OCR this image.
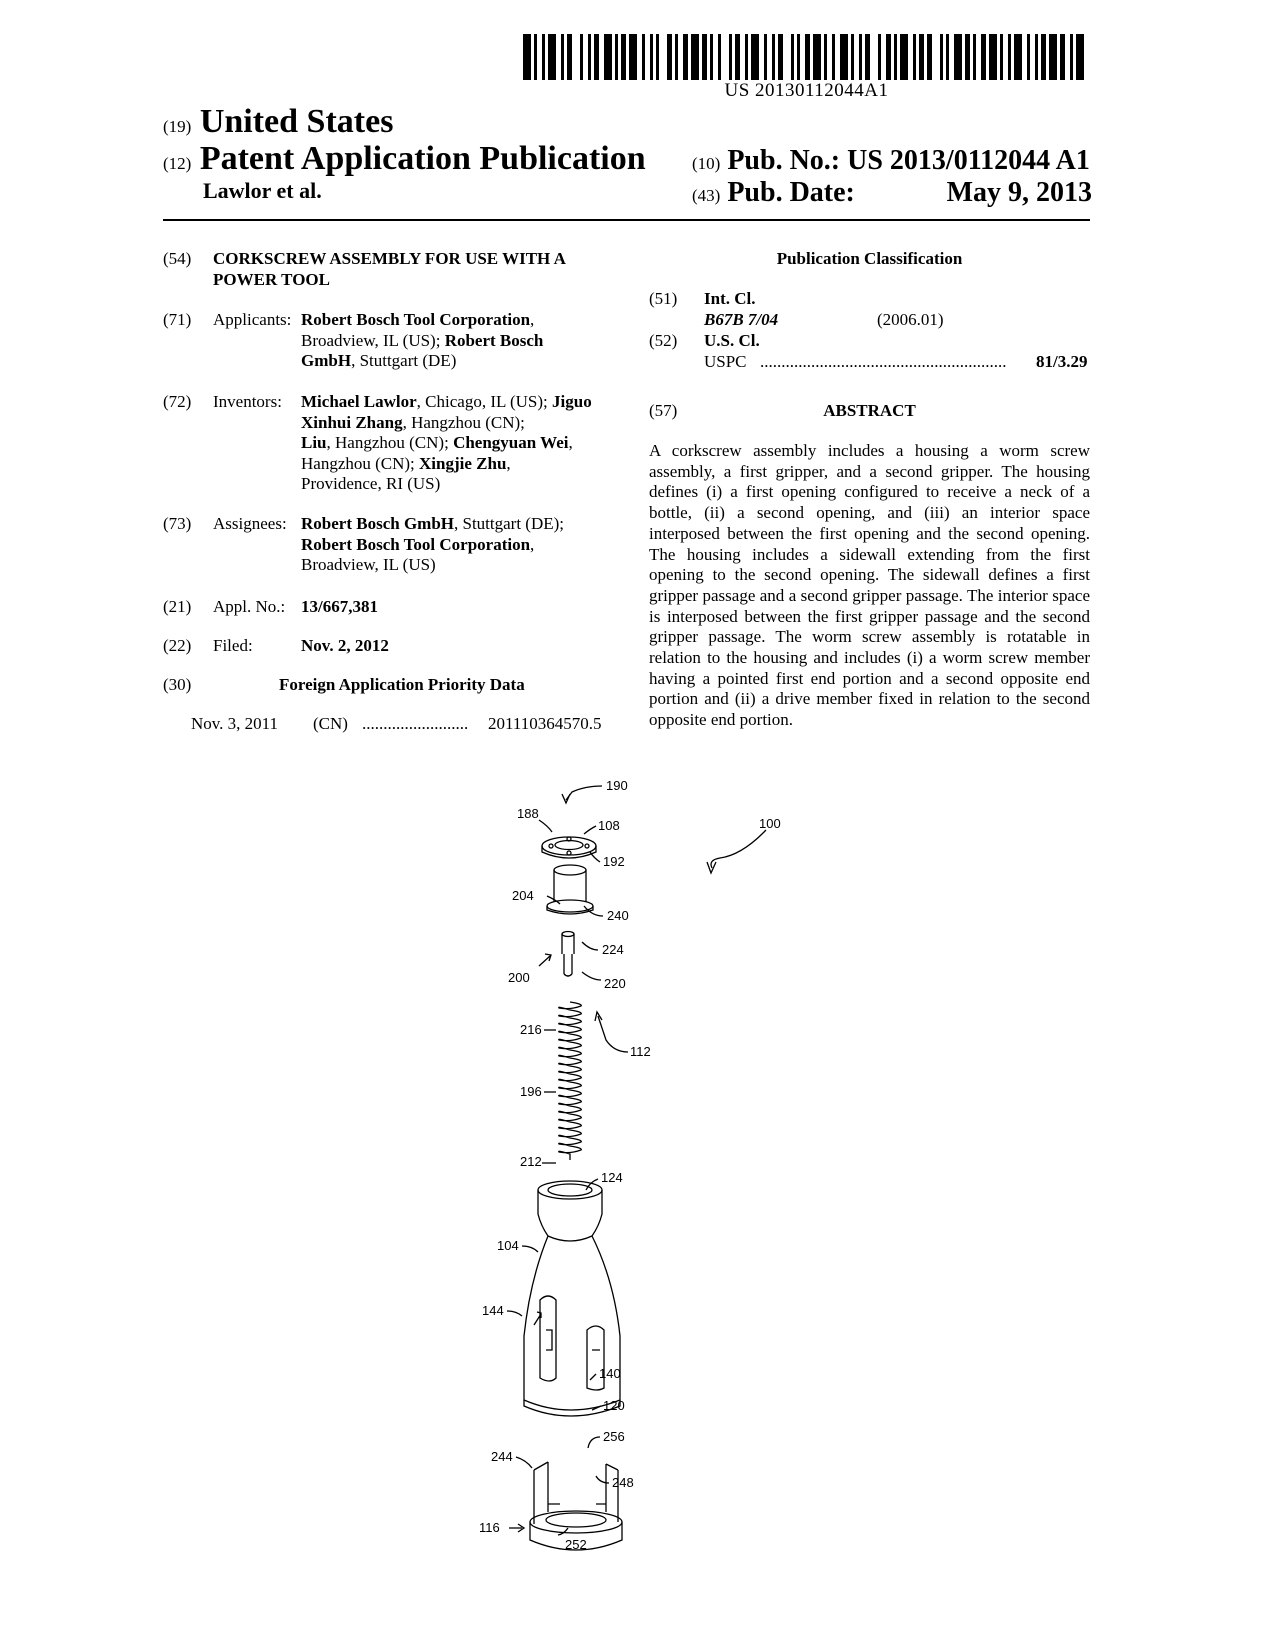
US 20130112044A1
(19) United States
(12) Patent Application Publication
Lawlor et al.
(10) Pub. No.: US 2013/0112044 A1
(43) Pub. Date:	May 9, 2013
(54)	CORKSCREW ASSEMBLY FOR USE WITH A
POWER TOOL
(71)	Applicants: Robert Bosch Tool Corporation,
Broadview, IL (US); Robert Bosch
GmbH, Stuttgart (DE)
(72)	Inventors: Michael Lawlor, Chicago, IL (US); Jiguo
Xinhui Zhang, Hangzhou (CN);
Liu, Hangzhou (CN); Chengyuan Wei,
Hangzhou (CN); Xingjie Zhu,
Providence, RI (US)
(73)	Assignees: Robert Bosch GmbH, Stuttgart (DE);
Robert Bosch Tool Corporation,
Broadview, IL (US)
(21)	Appl. No.: 13/667,381
(22)	Filed:	Nov. 2, 2012
(30)	Foreign Application Priority Data
Nov. 3, 2011 (CN) ......................... 201110364570.5
Publication Classification
(51) Int. Cl.
B67B 7/04	(2006.01)
(52) U.S. Cl.
USPC ..........................................................	81/3.29
(57)	ABSTRACT
A corkscrew assembly includes a housing a worm screw assembly, a first gripper, and a second gripper. The housing defines (i) a first opening configured to receive a neck of a bottle, (ii) a second opening, and (iii) an interior space interposed between the first opening and the second opening. The housing includes a sidewall extending from the first opening to the second opening. The sidewall defines a first gripper passage and a second gripper passage. The interior space is interposed between the first gripper passage and the second gripper passage. The worm screw assembly is rotatable in relation to the housing and includes (i) a worm screw member having a pointed first end portion and a second opposite end portion and (ii) a drive member fixed in relation to the second opposite end portion.
190
188
108
192
100
204
240
224
200	220
216
112
196
212
124
104
144
140
120
256
244
248
116
252
